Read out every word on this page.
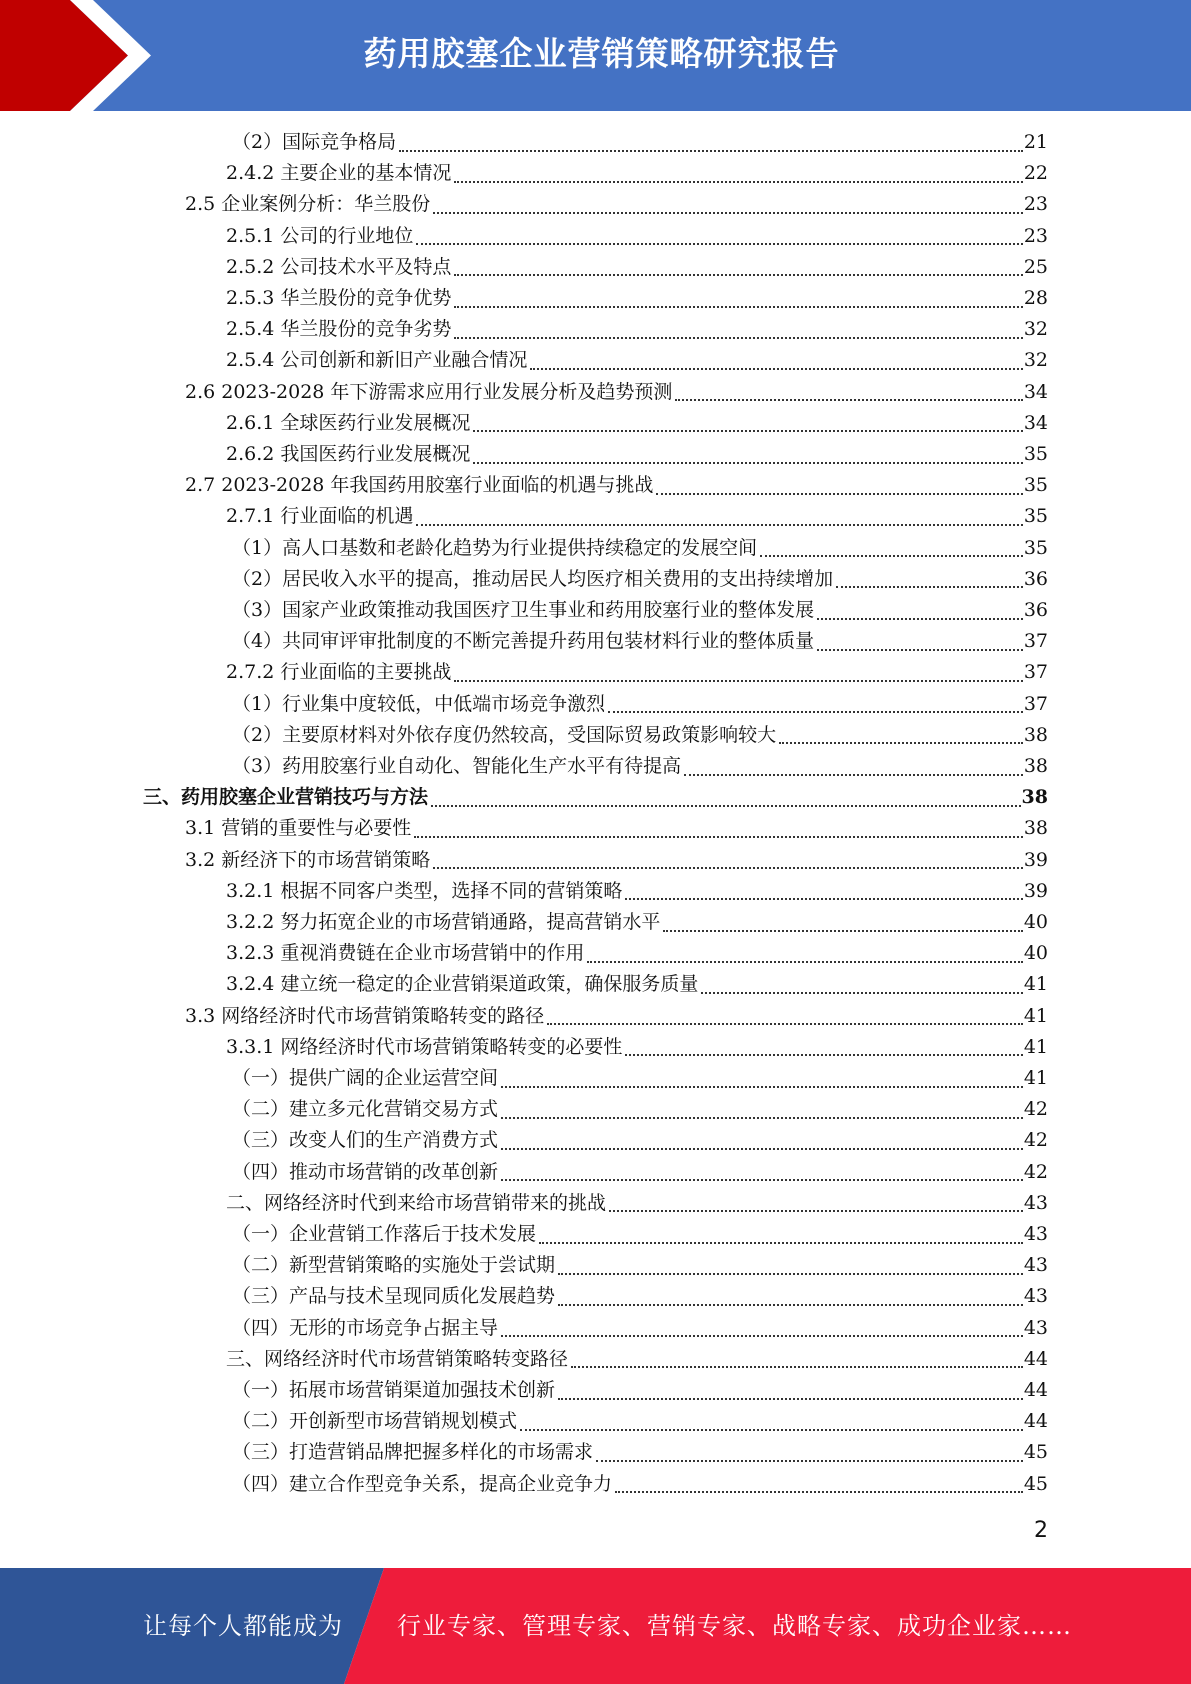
药用胶塞企业营销策略研究报告
（2）国际竞争格局	21
2.4.2 主要企业的基本情况	22
2.5 企业案例分析：华兰股份	23
2.5.1 公司的行业地位	23
2.5.2 公司技术水平及特点	25
2.5.3 华兰股份的竞争优势	28
2.5.4 华兰股份的竞争劣势	32
2.5.4 公司创新和新旧产业融合情况	32
2.6 2023-2028 年下游需求应用行业发展分析及趋势预测	34
2.6.1 全球医药行业发展概况	34
2.6.2 我国医药行业发展概况	35
2.7 2023-2028 年我国药用胶塞行业面临的机遇与挑战	35
2.7.1 行业面临的机遇	35
（1）高人口基数和老龄化趋势为行业提供持续稳定的发展空间	35
（2）居民收入水平的提高，推动居民人均医疗相关费用的支出持续增加	36
（3）国家产业政策推动我国医疗卫生事业和药用胶塞行业的整体发展	36
（4）共同审评审批制度的不断完善提升药用包装材料行业的整体质量	37
2.7.2 行业面临的主要挑战	37
（1）行业集中度较低，中低端市场竞争激烈	37
（2）主要原材料对外依存度仍然较高，受国际贸易政策影响较大	38
（3）药用胶塞行业自动化、智能化生产水平有待提高	38
三、药用胶塞企业营销技巧与方法	38
3.1 营销的重要性与必要性	38
3.2 新经济下的市场营销策略	39
3.2.1 根据不同客户类型，选择不同的营销策略	39
3.2.2 努力拓宽企业的市场营销通路，提高营销水平	40
3.2.3 重视消费链在企业市场营销中的作用	40
3.2.4 建立统一稳定的企业营销渠道政策，确保服务质量	41
3.3 网络经济时代市场营销策略转变的路径	41
3.3.1 网络经济时代市场营销策略转变的必要性	41
（一）提供广阔的企业运营空间	41
（二）建立多元化营销交易方式	42
（三）改变人们的生产消费方式	42
（四）推动市场营销的改革创新	42
二、网络经济时代到来给市场营销带来的挑战	43
（一）企业营销工作落后于技术发展	43
（二）新型营销策略的实施处于尝试期	43
（三）产品与技术呈现同质化发展趋势	43
（四）无形的市场竞争占据主导	43
三、网络经济时代市场营销策略转变路径	44
（一）拓展市场营销渠道加强技术创新	44
（二）开创新型市场营销规划模式	44
（三）打造营销品牌把握多样化的市场需求	45
（四）建立合作型竞争关系，提高企业竞争力	45
2
让每个人都能成为 行业专家、管理专家、营销专家、战略专家、成功企业家……
